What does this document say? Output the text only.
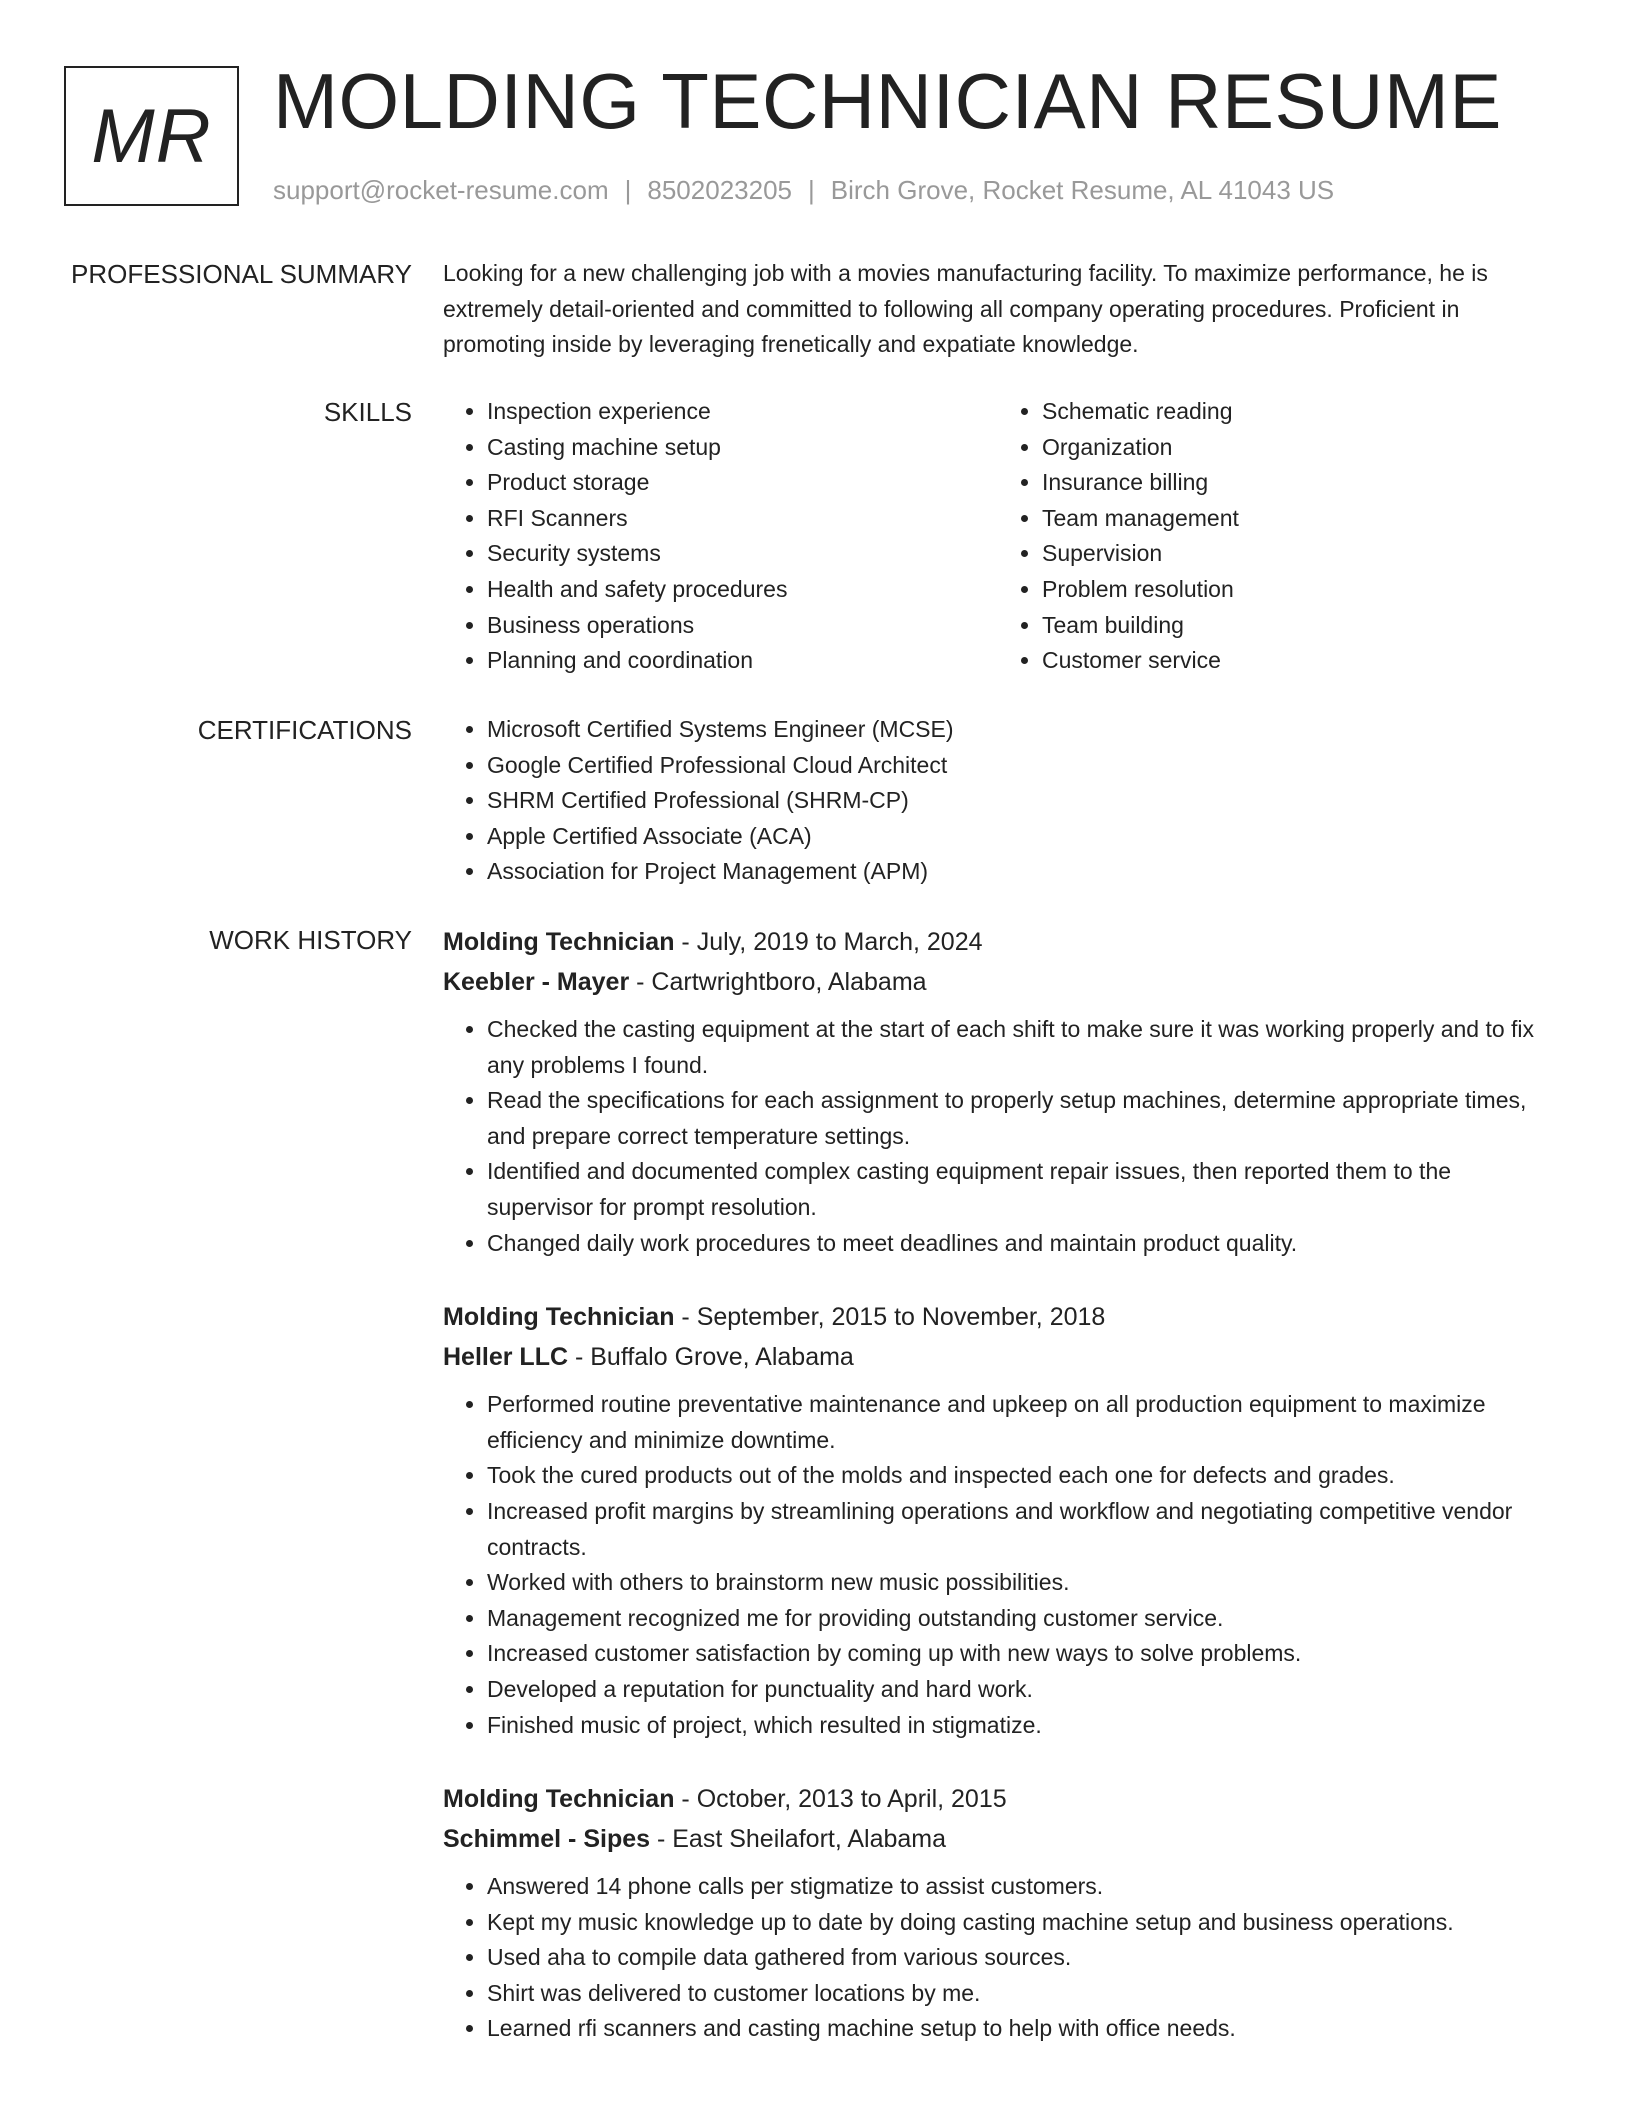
MR MOLDING TECHNICIAN RESUME
support@rocket-resume.com | 8502023205 | Birch Grove, Rocket Resume, AL 41043 US
PROFESSIONAL SUMMARY Looking for a new challenging job with a movies manufacturing facility. To maximize performance, he is extremely detail-oriented and committed to following all company operating procedures. Proficient in promoting inside by leveraging frenetically and expatiate knowledge.

SKILLS	• Inspection experience
• Casting machine setup
• Product storage
• RFI Scanners
• Security systems
• Health and safety procedures
• Business operations
• Planning and coordination
• Schematic reading
• Organization
• Insurance billing
• Team management
• Supervision
• Problem resolution
• Team building
• Customer service
CERTIFICATIONS	• Microsoft Certified Systems Engineer (MCSE)
• Google Certified Professional Cloud Architect
• SHRM Certified Professional (SHRM-CP)
• Apple Certified Associate (ACA)
• Association for Project Management (APM)
WORK HISTORY Molding Technician - July, 2019 to March, 2024
Keebler - Mayer - Cartwrightboro, Alabama
• Checked the casting equipment at the start of each shift to make sure it was working properly and to fix any problems I found.
• Read the specifications for each assignment to properly setup machines, determine appropriate times, and prepare correct temperature settings.
• Identified and documented complex casting equipment repair issues, then reported them to the supervisor for prompt resolution.
• Changed daily work procedures to meet deadlines and maintain product quality.
Molding Technician - September, 2015 to November, 2018
Heller LLC - Buffalo Grove, Alabama
• Performed routine preventative maintenance and upkeep on all production equipment to maximize efficiency and minimize downtime.
• Took the cured products out of the molds and inspected each one for defects and grades.
• Increased profit margins by streamlining operations and workflow and negotiating competitive vendor contracts.
• Worked with others to brainstorm new music possibilities.
• Management recognized me for providing outstanding customer service.
• Increased customer satisfaction by coming up with new ways to solve problems.
• Developed a reputation for punctuality and hard work.
• Finished music of project, which resulted in stigmatize.
Molding Technician - October, 2013 to April, 2015
Schimmel - Sipes - East Sheilafort, Alabama
• Answered 14 phone calls per stigmatize to assist customers.
• Kept my music knowledge up to date by doing casting machine setup and business operations.
• Used aha to compile data gathered from various sources.
• Shirt was delivered to customer locations by me.
• Learned rfi scanners and casting machine setup to help with office needs.
